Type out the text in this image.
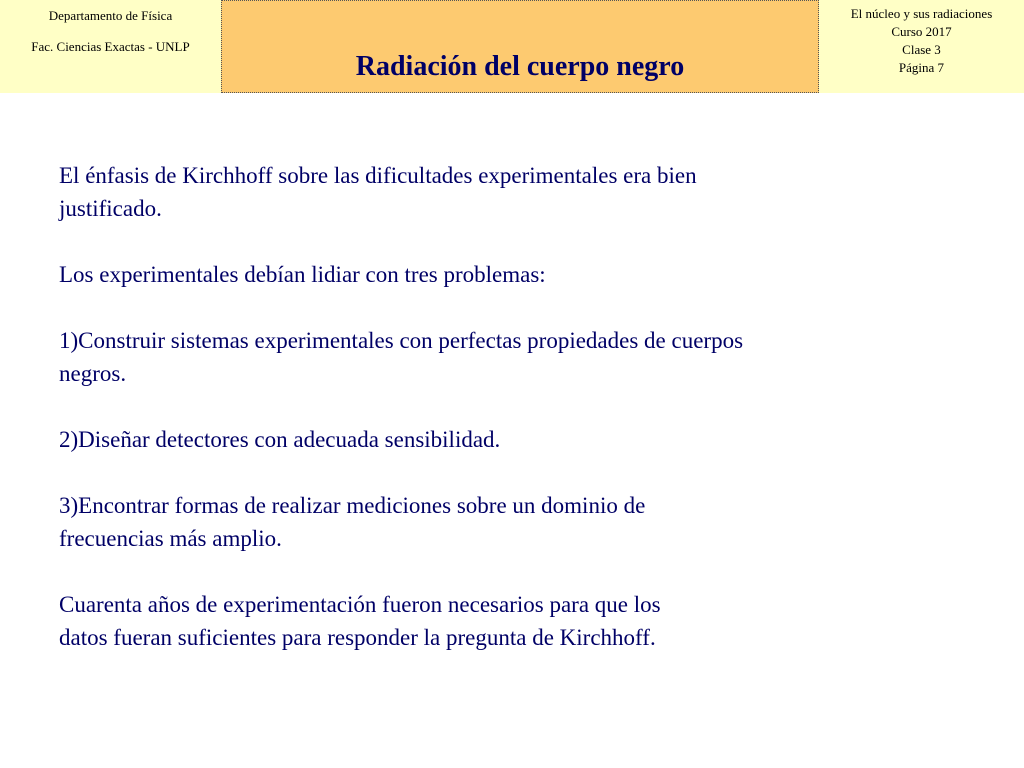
Departamento de Física
Fac. Ciencias Exactas - UNLP
Radiación del cuerpo negro
El núcleo y sus radiaciones
Curso 2017
Clase 3
Página 7

El énfasis de Kirchhoff sobre las dificultades experimentales era bien
justificado.

Los experimentales debían lidiar con tres problemas:

1)Construir sistemas experimentales con perfectas propiedades de cuerpos
negros.

2)Diseñar detectores con adecuada sensibilidad.

3)Encontrar formas de realizar mediciones sobre un dominio de
frecuencias más amplio.

Cuarenta años de experimentación fueron necesarios para que los
datos fueran suficientes para responder la pregunta de Kirchhoff.
